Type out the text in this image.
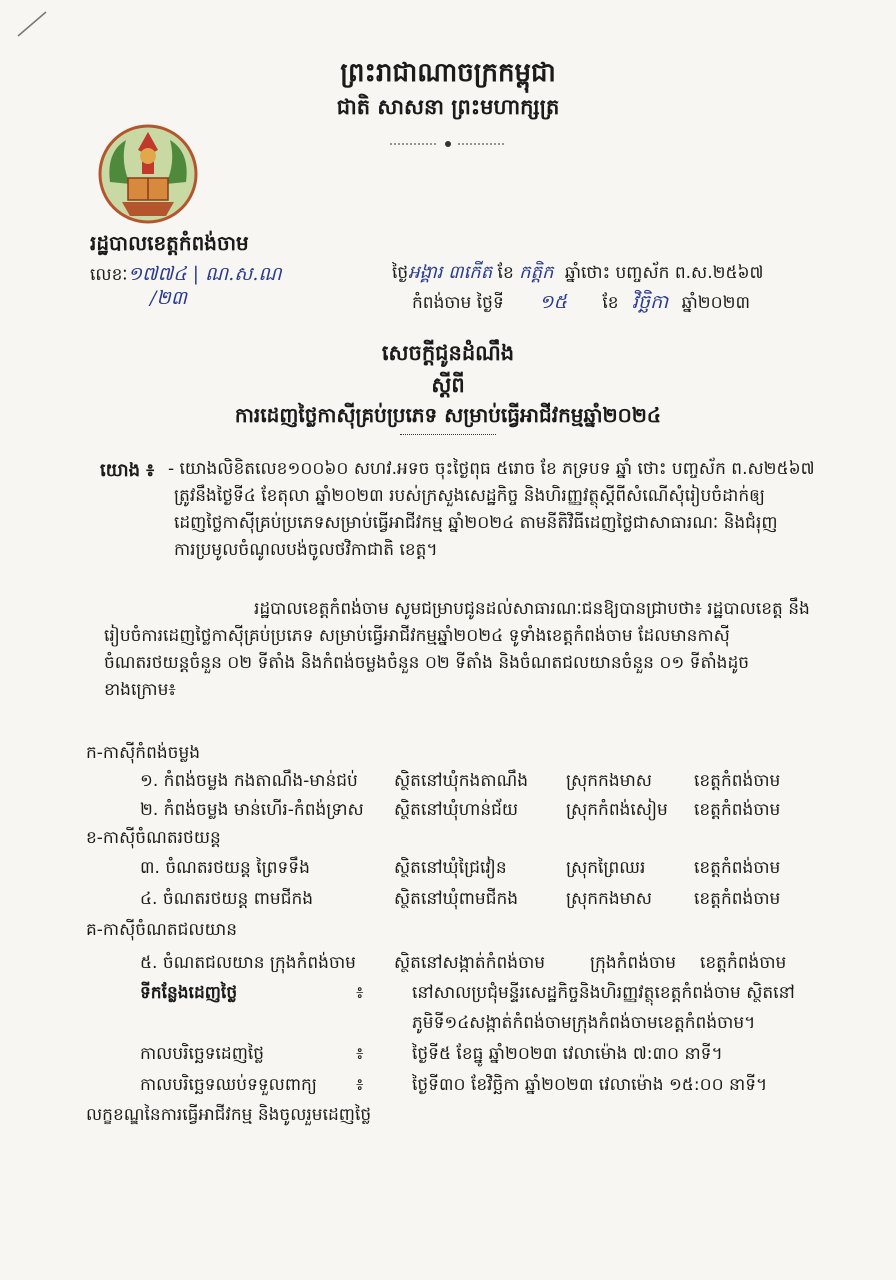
ព្រះរាជាណាចក្រកម្ពុជា
ជាតិ សាសនា ព្រះមហាក្សត្រ
រដ្ឋបាលខេត្តកំពង់ចាម
លេខៈ១៧៧៤ | ណ.ស.ណ
/២៣
ថ្ងៃអង្គារ ៣កើត ខែ កត្តិក ឆ្នាំថោះ បញ្ចស័ក ព.ស.២៥៦៧
កំពង់ចាម ថ្ងៃទី ១៥ ខែ វិច្ឆិកា ឆ្នាំ២០២៣
សេចក្តីជូនដំណឹង
ស្តីពី
ការដេញថ្លៃកាស៊ីគ្រប់ប្រភេទ សម្រាប់ធ្វើអាជីវកម្មឆ្នាំ២០២៤
យោង ៖ - យោងលិខិតលេខ១០០៦០ សហវ.អទច ចុះថ្ងៃពុធ ៥រោច ខែ ភទ្របទ ឆ្នាំ ថោះ បញ្ចស័ក ព.ស២៥៦៧
ត្រូវនឹងថ្ងៃទី៤ ខែតុលា ឆ្នាំ២០២៣ របស់ក្រសួងសេដ្ឋកិច្ច និងហិរញ្ញវត្ថុស្តីពីសំណើសុំរៀបចំដាក់ឲ្យ
ដេញថ្លៃកាស៊ីគ្រប់ប្រភេទសម្រាប់ធ្វើអាជីវកម្ម ឆ្នាំ២០២៤ តាមនីតិវិធីដេញថ្លៃជាសាធារណៈ និងជំរុញ
ការប្រមូលចំណូលបង់ចូលថវិកាជាតិ ខេត្ត។
រដ្ឋបាលខេត្តកំពង់ចាម សូមជម្រាបជូនដល់សាធារណៈជនឱ្យបានជ្រាបថា៖ រដ្ឋបាលខេត្ត នឹង
រៀបចំការដេញថ្លៃកាស៊ីគ្រប់ប្រភេទ សម្រាប់ធ្វើអាជីវកម្មឆ្នាំ២០២៤ ទូទាំងខេត្តកំពង់ចាម ដែលមានកាស៊ី
ចំណតរថយន្តចំនួន ០២ ទីតាំង និងកំពង់ចម្លងចំនួន ០២ ទីតាំង និងចំណតជលយានចំនួន ០១ ទីតាំងដូច
ខាងក្រោម៖
ក-កាស៊ីកំពង់ចម្លង
១. កំពង់ចម្លង កងតាណឹង-មាន់ជប់ ស្ថិតនៅឃុំកងតាណឹង ស្រុកកងមាស ខេត្តកំពង់ចាម
២. កំពង់ចម្លង មាន់ហើរ-កំពង់ទ្រាស ស្ថិតនៅឃុំហាន់ជ័យ	ស្រុកកំពង់សៀម ខេត្តកំពង់ចាម
ខ-កាស៊ីចំណតរថយន្ត
៣. ចំណតរថយន្ត ព្រៃទទឹង	ស្ថិតនៅឃុំជ្រៃវៀន	ស្រុកព្រៃឈរ	ខេត្តកំពង់ចាម
៤. ចំណតរថយន្ត ពាមជីកង	ស្ថិតនៅឃុំពាមជីកង	ស្រុកកងមាស ខេត្តកំពង់ចាម
គ-កាស៊ីចំណតជលយាន
៥. ចំណតជលយាន ក្រុងកំពង់ចាម ស្ថិតនៅសង្កាត់កំពង់ចាម	ក្រុងកំពង់ចាម ខេត្តកំពង់ចាម
ទីកន្លែងដេញថ្លៃ	៖	នៅសាលប្រជុំមន្ទីរសេដ្ឋកិច្ចនិងហិរញ្ញវត្ថុខេត្តកំពង់ចាម ស្ថិតនៅ
ភូមិទី១៤សង្កាត់កំពង់ចាមក្រុងកំពង់ចាមខេត្តកំពង់ចាម។
កាលបរិច្ឆេទដេញថ្លៃ	៖	ថ្ងៃទី៥ ខែធ្នូ ឆ្នាំ២០២៣ វេលាម៉ោង ៧:៣០ នាទី។
កាលបរិច្ឆេទឈប់ទទួលពាក្យ ៖	ថ្ងៃទី៣០ ខែវិច្ឆិកា ឆ្នាំ២០២៣ វេលាម៉ោង ១៥:០០ នាទី។
លក្ខខណ្ឌនៃការធ្វើអាជីវកម្ម និងចូលរួមដេញថ្លៃ
